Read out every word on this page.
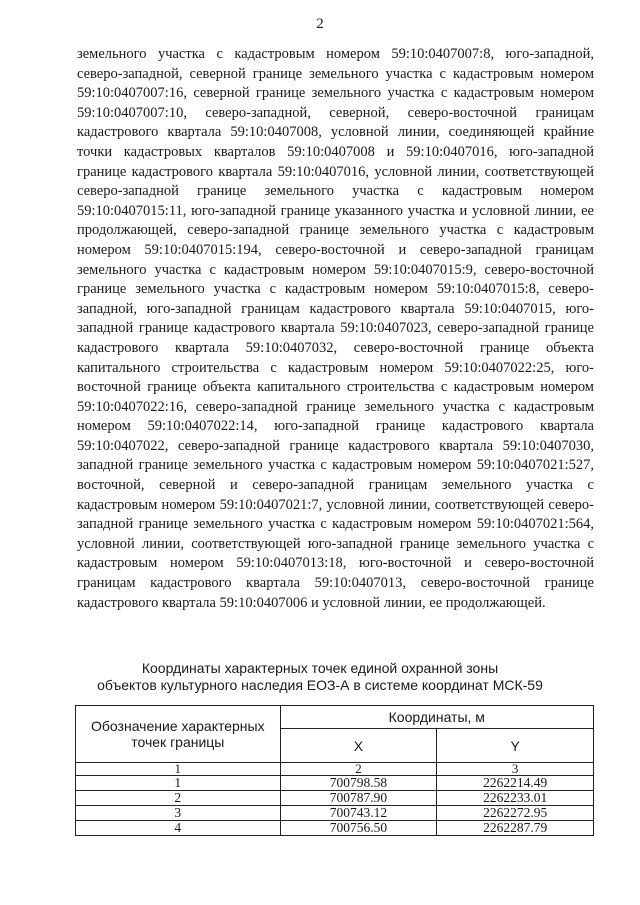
2

земельного участка с кадастровым номером 59:10:0407007:8, юго-западной, северо-западной, северной границе земельного участка с кадастровым номером 59:10:0407007:16, северной границе земельного участка с кадастровым номером 59:10:0407007:10, северо-западной, северной, северо-восточной границам кадастрового квартала 59:10:0407008, условной линии, соединяющей крайние точки кадастровых кварталов 59:10:0407008 и 59:10:0407016, юго-западной границе кадастрового квартала 59:10:0407016, условной линии, соответствующей северо-западной границе земельного участка с кадастровым номером 59:10:0407015:11, юго-западной границе указанного участка и условной линии, ее продолжающей, северо-западной границе земельного участка с кадастровым номером 59:10:0407015:194, северо-восточной и северо-западной границам земельного участка с кадастровым номером 59:10:0407015:9, северо-восточной границе земельного участка с кадастровым номером 59:10:0407015:8, северо-западной, юго-западной границам кадастрового квартала 59:10:0407015, юго-западной границе кадастрового квартала 59:10:0407023, северо-западной границе кадастрового квартала 59:10:0407032, северо-восточной границе объекта капитального строительства с кадастровым номером 59:10:0407022:25, юго-восточной границе объекта капитального строительства с кадастровым номером 59:10:0407022:16, северо-западной границе земельного участка с кадастровым номером 59:10:0407022:14, юго-западной границе кадастрового квартала 59:10:0407022, северо-западной границе кадастрового квартала 59:10:0407030, западной границе земельного участка с кадастровым номером 59:10:0407021:527, восточной, северной и северо-западной границам земельного участка с кадастровым номером 59:10:0407021:7, условной линии, соответствующей северо-западной границе земельного участка с кадастровым номером 59:10:0407021:564, условной линии, соответствующей юго-западной границе земельного участка с кадастровым номером 59:10:0407013:18, юго-восточной и северо-восточной границам кадастрового квартала 59:10:0407013, северо-восточной границе кадастрового квартала 59:10:0407006 и условной линии, ее продолжающей.

Координаты характерных точек единой охранной зоны
объектов культурного наследия ЕОЗ-А в системе координат МСК-59
Обозначение характерных точек границы	Координаты, м	
	X	Y
1	2	3
1	700798.58	2262214.49
2	700787.90	2262233.01
3	700743.12	2262272.95
4	700756.50	2262287.79
